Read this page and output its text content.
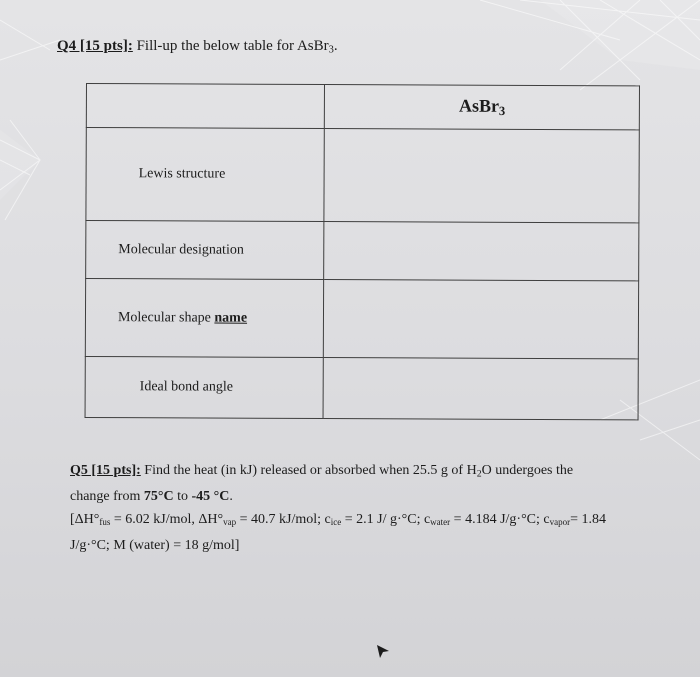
Q4 [15 pts]: Fill-up the below table for AsBr$_3$.
	AsBr$_3$
Lewis structure	
Molecular designation	
Molecular shape name	
Ideal bond angle	
Q5 [15 pts]: Find the heat (in kJ) released or absorbed when 25.5 g of $H_2O$ undergoes the
change from 75°C to -45 °C.
[ΔH°fus = 6.02 kJ/mol, ΔH°vap = 40.7 kJ/mol; cice = 2.1 J/ g·°C; cwater = 4.184 J/g·°C; cvapor= 1.84
J/g·°C; M (water) = 18 g/mol]
